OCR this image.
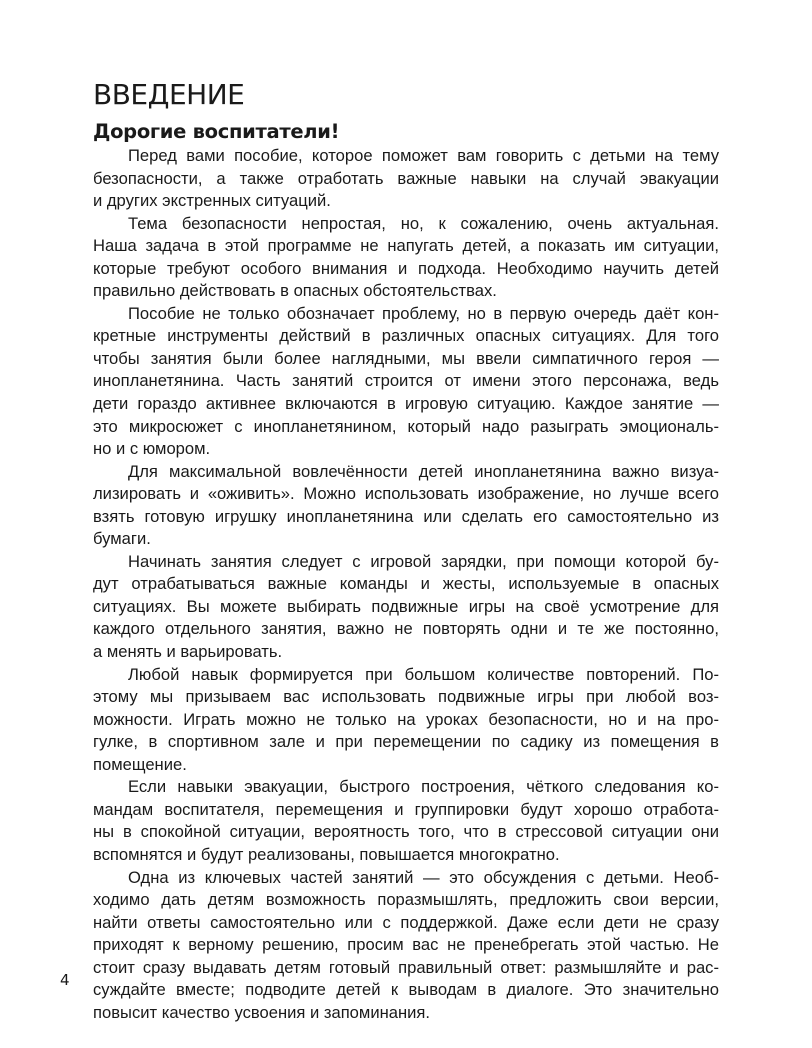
ВВЕДЕНИЕ
Дорогие воспитатели!

Перед вами пособие, которое поможет вам говорить с детьми на тему
безопасности, а также отработать важные навыки на случай эвакуации
и других экстренных ситуаций.

Тема безопасности непростая, но, к сожалению, очень актуальная.
Наша задача в этой программе не напугать детей, а показать им ситуации,
которые требуют особого внимания и подхода. Необходимо научить детей
правильно действовать в опасных обстоятельствах.

Пособие не только обозначает проблему, но в первую очередь даёт кон-
кретные инструменты действий в различных опасных ситуациях. Для того
чтобы занятия были более наглядными, мы ввели симпатичного героя —
инопланетянина. Часть занятий строится от имени этого персонажа, ведь
дети гораздо активнее включаются в игровую ситуацию. Каждое занятие —
это микросюжет с инопланетянином, который надо разыграть эмоциональ-
но и с юмором.

Для максимальной вовлечённости детей инопланетянина важно визуа-
лизировать и «оживить». Можно использовать изображение, но лучше всего
взять готовую игрушку инопланетянина или сделать его самостоятельно из
бумаги.

Начинать занятия следует с игровой зарядки, при помощи которой бу-
дут отрабатываться важные команды и жесты, используемые в опасных
ситуациях. Вы можете выбирать подвижные игры на своё усмотрение для
каждого отдельного занятия, важно не повторять одни и те же постоянно,
а менять и варьировать.

Любой навык формируется при большом количестве повторений. По-
этому мы призываем вас использовать подвижные игры при любой воз-
можности. Играть можно не только на уроках безопасности, но и на про-
гулке, в спортивном зале и при перемещении по садику из помещения в
помещение.

Если навыки эвакуации, быстрого построения, чёткого следования ко-
мандам воспитателя, перемещения и группировки будут хорошо отработа-
ны в спокойной ситуации, вероятность того, что в стрессовой ситуации они
вспомнятся и будут реализованы, повышается многократно.

Одна из ключевых частей занятий — это обсуждения с детьми. Необ-
ходимо дать детям возможность поразмышлять, предложить свои версии,
найти ответы самостоятельно или с поддержкой. Даже если дети не сразу
приходят к верному решению, просим вас не пренебрегать этой частью. Не
стоит сразу выдавать детям готовый правильный ответ: размышляйте и рас-
суждайте вместе; подводите детей к выводам в диалоге. Это значительно
повысит качество усвоения и запоминания.

4
